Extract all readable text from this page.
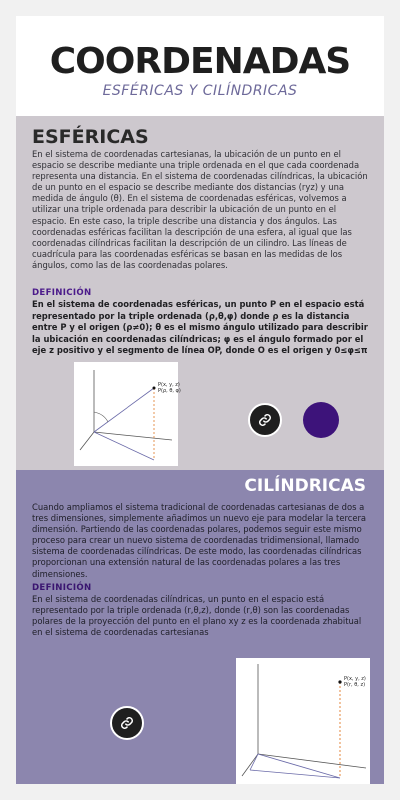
COORDENADAS
ESFÉRICAS Y CILÍNDRICAS
ESFÉRICAS

En el sistema de coordenadas cartesianas, la ubicación de un punto en el espacio se describe mediante una triple ordenada en el que cada coordenada representa una distancia. En el sistema de coordenadas cilíndricas, la ubicación de un punto en el espacio se describe mediante dos distancias (ryz) y una medida de ángulo (θ). En el sistema de coordenadas esféricas, volvemos a utilizar una triple ordenada para describir la ubicación de un punto en el espacio. En este caso, la triple describe una distancia y dos ángulos. Las coordenadas esféricas facilitan la descripción de una esfera, al igual que las coordenadas cilíndricas facilitan la descripción de un cilindro. Las líneas de cuadrícula para las coordenadas esféricas se basan en las medidas de los ángulos, como las de las coordenadas polares.

DEFINICIÓN

En el sistema de coordenadas esféricas, un punto P en el espacio está representado por la triple ordenada (ρ,θ,φ) donde ρ es la distancia entre P y el origen (ρ≠0); θ es el mismo ángulo utilizado para describir la ubicación en coordenadas cilíndricas; φ es el ángulo formado por el eje z positivo y el segmento de línea OP, donde O es el origen y 0≤φ≤π

P(x, y, z)
P(ρ, θ, φ)
CILÍNDRICAS

Cuando ampliamos el sistema tradicional de coordenadas cartesianas de dos a tres dimensiones, simplemente añadimos un nuevo eje para modelar la tercera dimensión. Partiendo de las coordenadas polares, podemos seguir este mismo proceso para crear un nuevo sistema de coordenadas tridimensional, llamado sistema de coordenadas cilíndricas. De este modo, las coordenadas cilíndricas proporcionan una extensión natural de las coordenadas polares a las tres dimensiones.

DEFINICIÓN

En el sistema de coordenadas cilíndricas, un punto en el espacio está representado por la triple ordenada (r,θ,z), donde (r,θ) son las coordenadas polares de la proyección del punto en el plano xy z es la coordenada zhabitual en el sistema de coordenadas cartesianas

P(x, y, z)
P(r, θ, z)
